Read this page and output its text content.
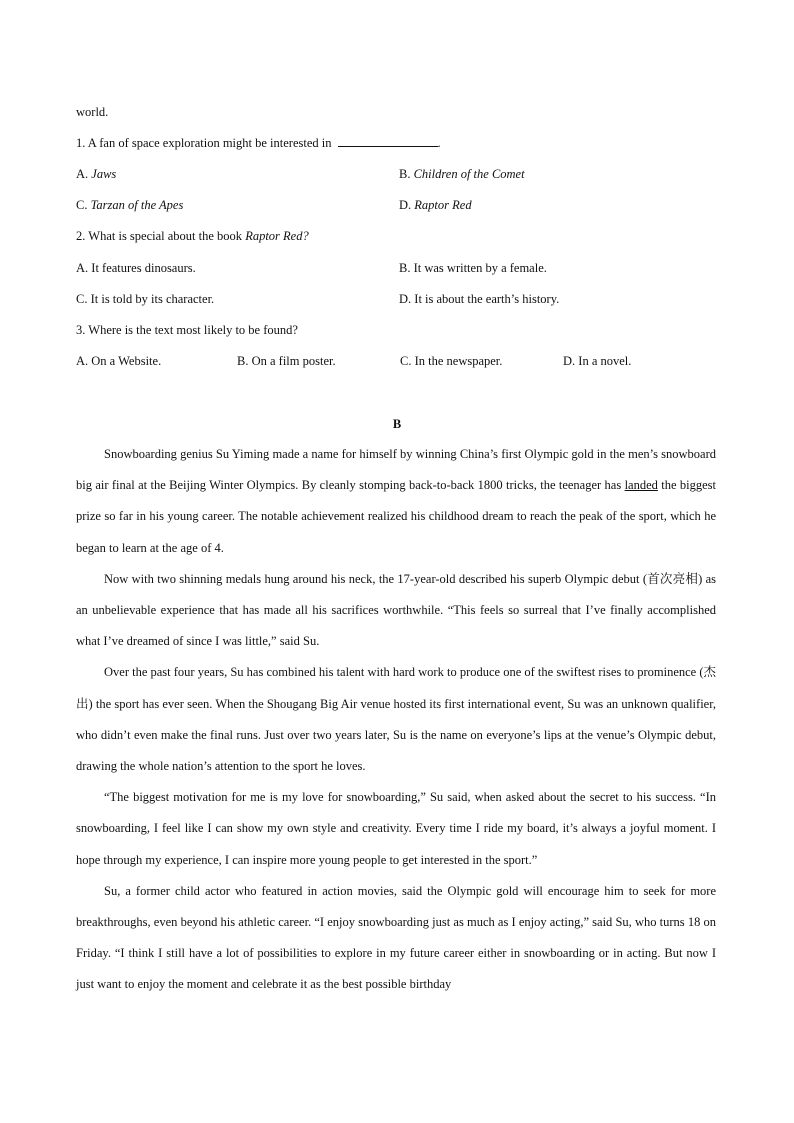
world.
1. A fan of space exploration might be interested in	.
A. Jaws	B. Children of the Comet
C. Tarzan of the Apes	D. Raptor Red
2. What is special about the book Raptor Red?
A. It features dinosaurs.	B. It was written by a female.
C. It is told by its character.	D. It is about the earth’s history.
3. Where is the text most likely to be found?
A. On a Website.	B. On a film poster.	C. In the newspaper.	D. In a novel.
B

Snowboarding genius Su Yiming made a name for himself by winning China’s first Olympic gold in the men’s snowboard big air final at the Beijing Winter Olympics. By cleanly stomping back-to-back 1800 tricks, the teenager has landed the biggest prize so far in his young career. The notable achievement realized his childhood dream to reach the peak of the sport, which he began to learn at the age of 4.

Now with two shinning medals hung around his neck, the 17-year-old described his superb Olympic debut (首次亮相) as an unbelievable experience that has made all his sacrifices worthwhile. “This feels so surreal that I’ve finally accomplished what I’ve dreamed of since I was little,” said Su.

Over the past four years, Su has combined his talent with hard work to produce one of the swiftest rises to prominence (杰出) the sport has ever seen. When the Shougang Big Air venue hosted its first international event, Su was an unknown qualifier, who didn’t even make the final runs. Just over two years later, Su is the name on everyone’s lips at the venue’s Olympic debut, drawing the whole nation’s attention to the sport he loves.

“The biggest motivation for me is my love for snowboarding,” Su said, when asked about the secret to his success. “In snowboarding, I feel like I can show my own style and creativity. Every time I ride my board, it’s always a joyful moment. I hope through my experience, I can inspire more young people to get interested in the sport.”

Su, a former child actor who featured in action movies, said the Olympic gold will encourage him to seek for more breakthroughs, even beyond his athletic career. “I enjoy snowboarding just as much as I enjoy acting,” said Su, who turns 18 on Friday. “I think I still have a lot of possibilities to explore in my future career either in snowboarding or in acting. But now I just want to enjoy the moment and celebrate it as the best possible birthday
